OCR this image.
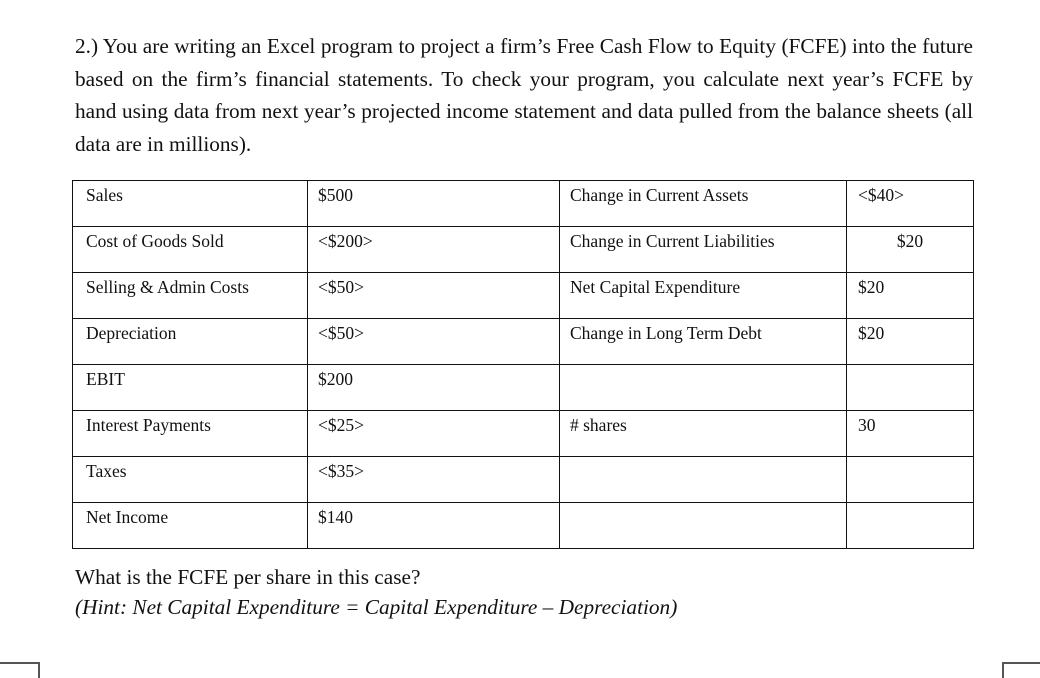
2.) You are writing an Excel program to project a firm’s Free Cash Flow to Equity (FCFE) into the future based on the firm’s financial statements. To check your program, you calculate next year’s FCFE by hand using data from next year’s projected income statement and data pulled from the balance sheets (all data are in millions).
Sales	$500	Change in Current Assets	<$40>

Cost of Goods Sold	<$200>	Change in Current Liabilities	$20

Selling & Admin Costs	<$50>	Net Capital Expenditure	$20

Depreciation	<$50>	Change in Long Term Debt	$20

EBIT	$200		

Interest Payments	<$25>	# shares	30

Taxes	<$35>		

Net Income	$140		

What is the FCFE per share in this case?
(Hint: Net Capital Expenditure = Capital Expenditure – Depreciation)
